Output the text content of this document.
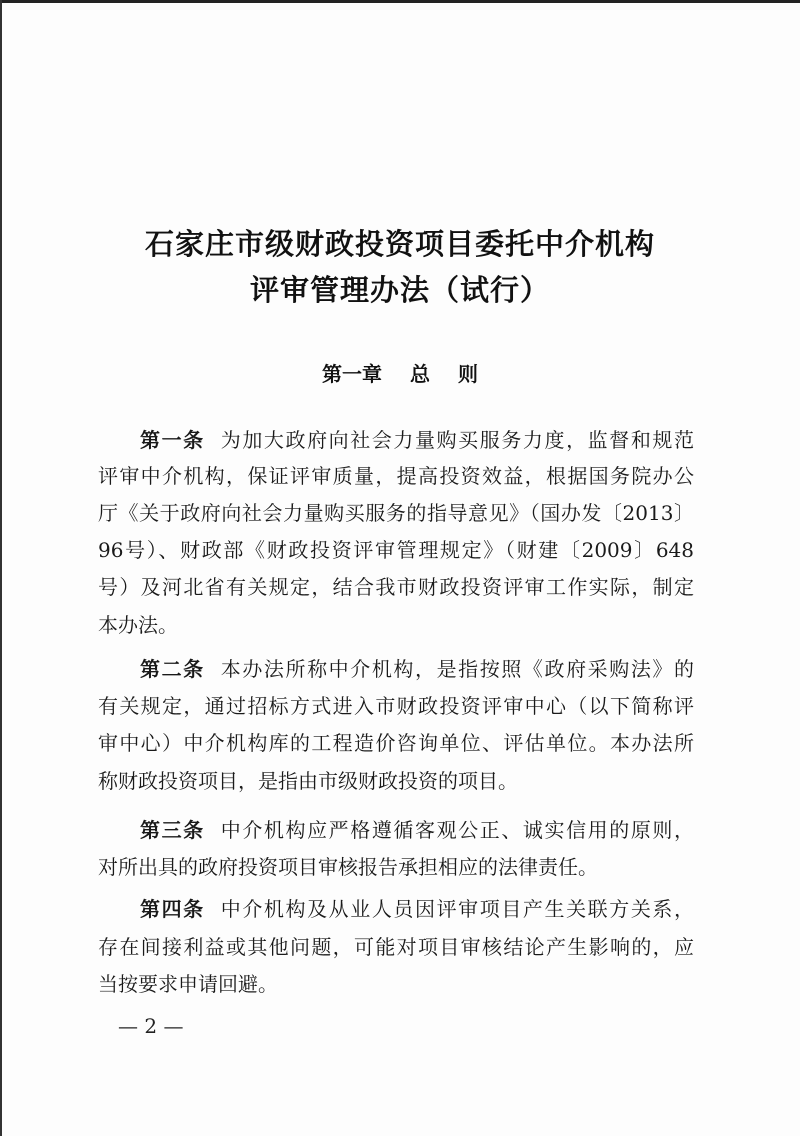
石家庄市级财政投资项目委托中介机构
评审管理办法（试行）
第一章 总 则
第一条 为加大政府向社会力量购买服务力度，监督和规范
评审中介机构，保证评审质量，提高投资效益，根据国务院办公
厅《关于政府向社会力量购买服务的指导意见》（国办发〔2013〕
96号）、财政部《财政投资评审管理规定》（财建〔2009〕648
号）及河北省有关规定，结合我市财政投资评审工作实际，制定
本办法。
第二条 本办法所称中介机构，是指按照《政府采购法》的
有关规定，通过招标方式进入市财政投资评审中心（以下简称评
审中心）中介机构库的工程造价咨询单位、评估单位。本办法所
称财政投资项目，是指由市级财政投资的项目。
第三条 中介机构应严格遵循客观公正、诚实信用的原则，
对所出具的政府投资项目审核报告承担相应的法律责任。
第四条 中介机构及从业人员因评审项目产生关联方关系，
存在间接利益或其他问题，可能对项目审核结论产生影响的，应
当按要求申请回避。
— 2 —
